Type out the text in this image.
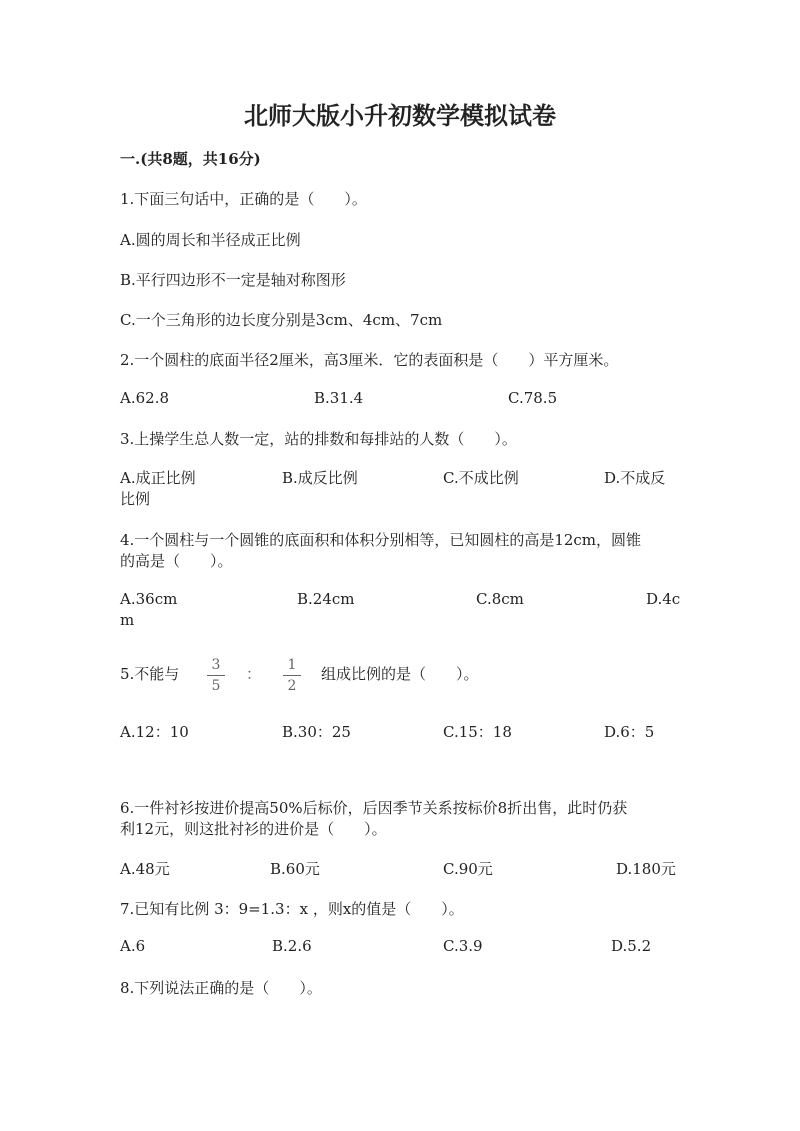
北师大版小升初数学模拟试卷
一.(共8题，共16分)
1.下面三句话中，正确的是（　　）。
A.圆的周长和半径成正比例
B.平行四边形不一定是轴对称图形
C.一个三角形的边长度分别是3cm、4cm、7cm
2.一个圆柱的底面半径2厘米，高3厘米．它的表面积是（　　）平方厘米。
A.62.8	B.31.4	C.78.5
3.上操学生总人数一定，站的排数和每排站的人数（　　）。
A.成正比例	B.成反比例	C.不成比例	D.不成反
比例
4.一个圆柱与一个圆锥的底面积和体积分别相等，已知圆柱的高是12cm，圆锥
的高是（　　）。
A.36cm	B.24cm	C.8cm	D.4c
m
5.不能与	3
5
：	1
2
组成比例的是（　　）。
A.12：10	B.30：25	C.15：18	D.6：5
6.一件衬衫按进价提高50%后标价，后因季节关系按标价8折出售，此时仍获
利12元，则这批衬衫的进价是（　　）。
A.48元	B.60元	C.90元	D.180元
7.已知有比例 3：9=1.3：x ，则x的值是（　　）。
A.6	B.2.6	C.3.9	D.5.2
8.下列说法正确的是（　　）。
